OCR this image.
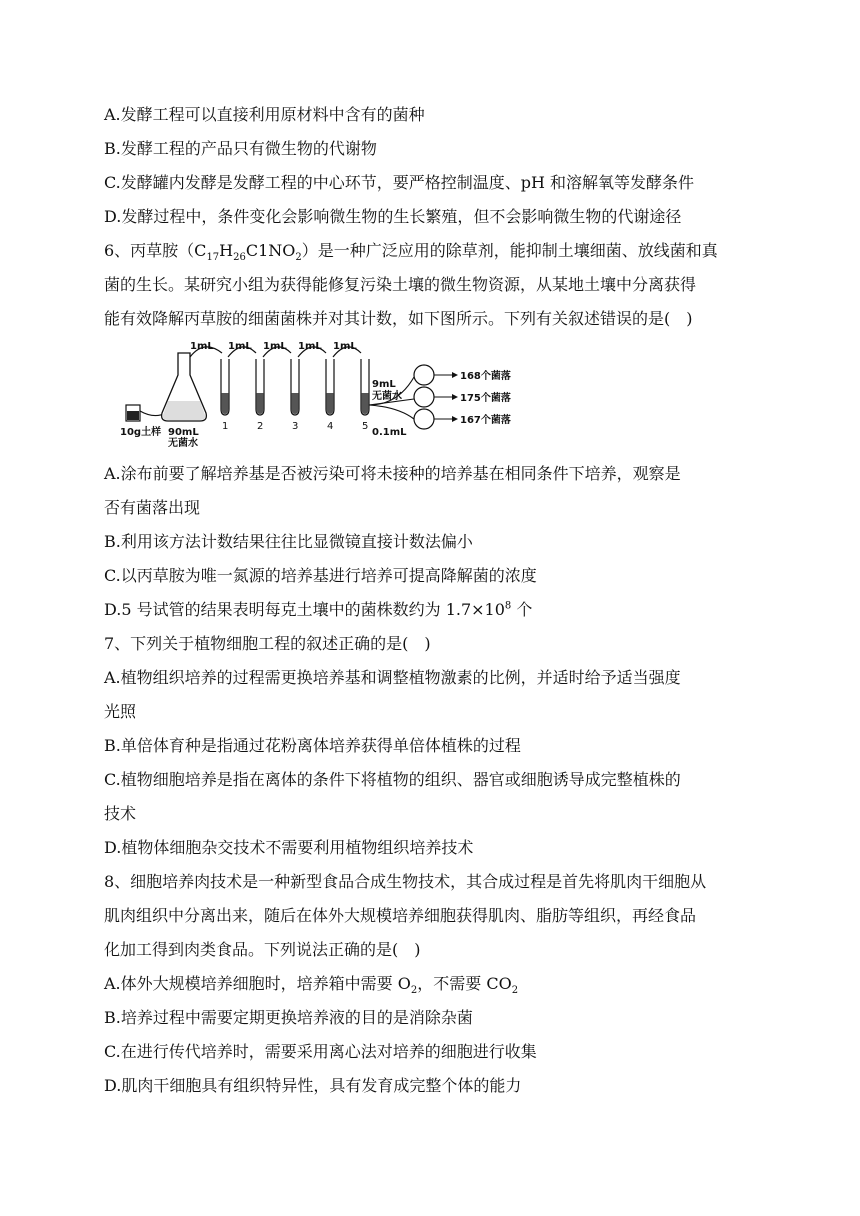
A.发酵工程可以直接利用原材料中含有的菌种
B.发酵工程的产品只有微生物的代谢物
C.发酵罐内发酵是发酵工程的中心环节，要严格控制温度、pH 和溶解氧等发酵条件
D.发酵过程中，条件变化会影响微生物的生长繁殖，但不会影响微生物的代谢途径
6、丙草胺$(C_{17}H_{26}C1NO_2)$是一种广泛应用的除草剂，能抑制土壤细菌、放线菌和真
菌的生长。某研究小组为获得能修复污染土壤的微生物资源，从某地土壤中分离获得
能有效降解丙草胺的细菌菌株并对其计数，如下图所示。下列有关叙述错误的是(　)
1mL 1mL 1mL 1mL 1mL
10g土样 90mL
无菌水
1	2	3	4	5
9mL
无菌水
0.1mL
168个菌落
175个菌落
167个菌落
A.涂布前要了解培养基是否被污染可将未接种的培养基在相同条件下培养，观察是
否有菌落出现
B.利用该方法计数结果往往比显微镜直接计数法偏小
C.以丙草胺为唯一氮源的培养基进行培养可提高降解菌的浓度
D.5 号试管的结果表明每克土壤中的菌株数约为 $1.7\times 10^8$ 个
7、下列关于植物细胞工程的叙述正确的是(　)
A.植物组织培养的过程需更换培养基和调整植物激素的比例，并适时给予适当强度
光照
B.单倍体育种是指通过花粉离体培养获得单倍体植株的过程
C.植物细胞培养是指在离体的条件下将植物的组织、器官或细胞诱导成完整植株的
技术
D.植物体细胞杂交技术不需要利用植物组织培养技术
8、细胞培养肉技术是一种新型食品合成生物技术，其合成过程是首先将肌肉干细胞从
肌肉组织中分离出来，随后在体外大规模培养细胞获得肌肉、脂肪等组织，再经食品
化加工得到肉类食品。下列说法正确的是(　)
A.体外大规模培养细胞时，培养箱中需要 $O_2$，不需要 $CO_2$
B.培养过程中需要定期更换培养液的目的是消除杂菌
C.在进行传代培养时，需要采用离心法对培养的细胞进行收集
D.肌肉干细胞具有组织特异性，具有发育成完整个体的能力
